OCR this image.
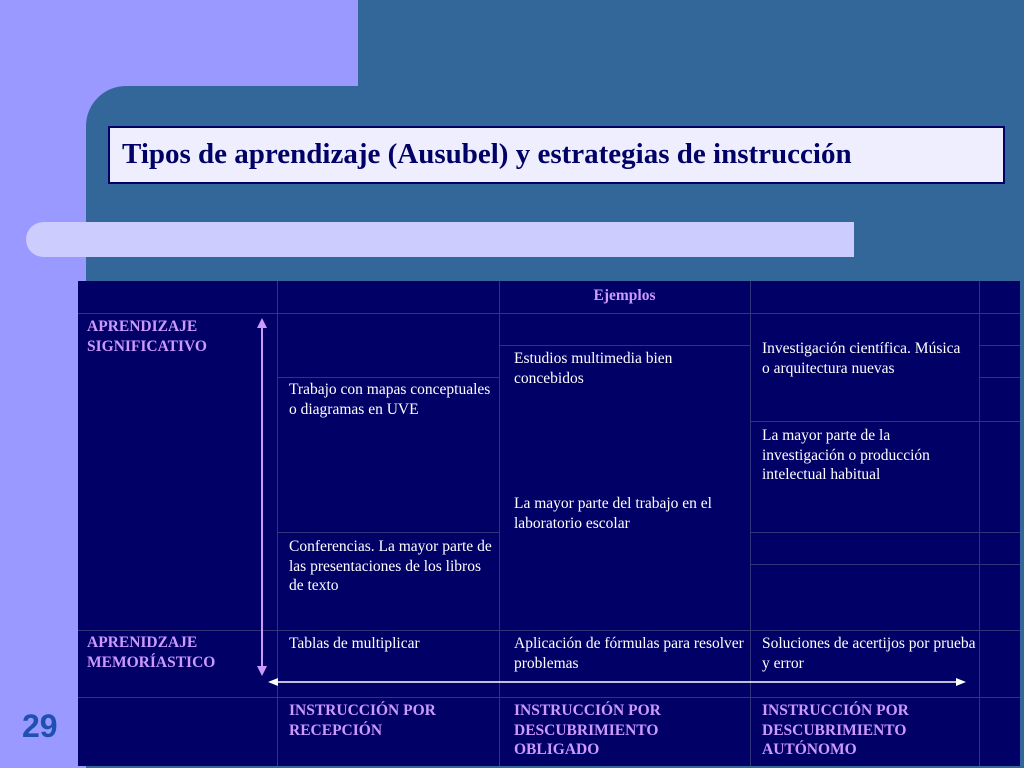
Tipos de aprendizaje (Ausubel) y estrategias de instrucción
29
Ejemplos
APRENDIZAJE SIGNIFICATIVO
APRENIDZAJE MEMORÍASTICO
Estudios multimedia bien concebidos
Investigación científica. Música o arquitectura nuevas
Trabajo con mapas conceptuales o diagramas en UVE
La mayor parte de la investigación o producción intelectual habitual
La mayor parte del trabajo en el laboratorio escolar
Conferencias. La mayor parte de las presentaciones de los libros de texto
Tablas de multiplicar	Aplicación de fórmulas para resolver problemas
Soluciones de acertijos por prueba y error
INSTRUCCIÓN POR RECEPCIÓN
INSTRUCCIÓN POR DESCUBRIMIENTO OBLIGADO
INSTRUCCIÓN POR DESCUBRIMIENTO AUTÓNOMO
